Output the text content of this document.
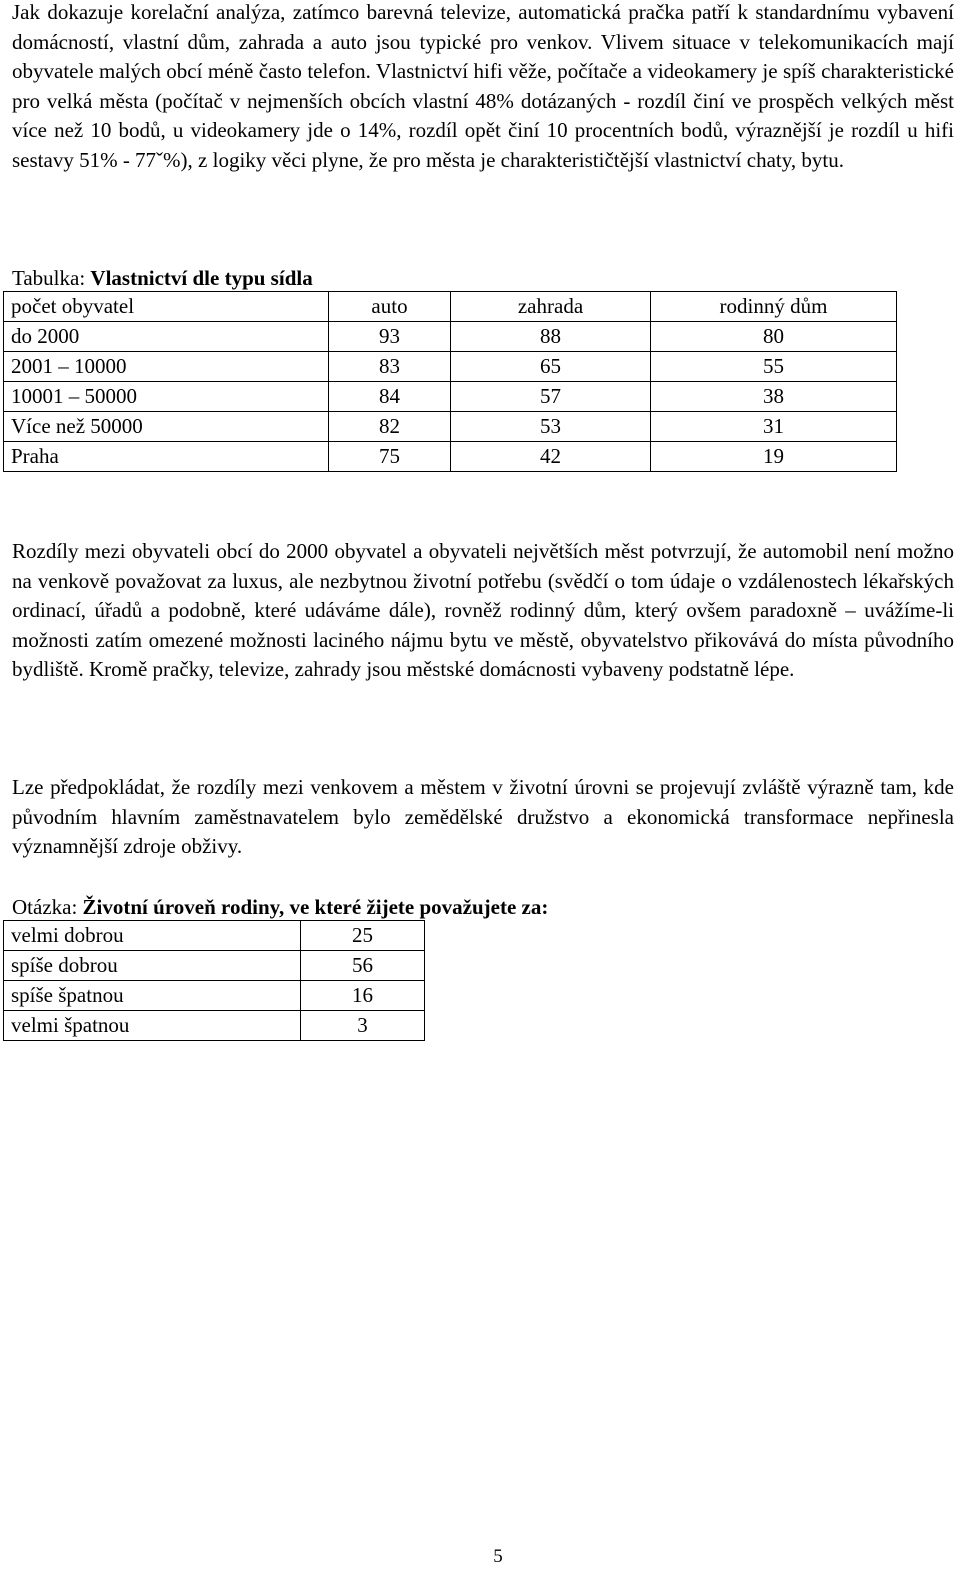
Jak dokazuje korelační analýza, zatímco barevná televize, automatická pračka patří k standardnímu vybavení domácností, vlastní dům, zahrada a auto jsou typické pro venkov. Vlivem situace v telekomunikacích mají obyvatele malých obcí méně často telefon. Vlastnictví hifi věže, počítače a videokamery je spíš charakteristické pro velká města (počítač v nejmenších obcích vlastní 48% dotázaných - rozdíl činí ve prospěch velkých měst více než 10 bodů, u videokamery jde o 14%, rozdíl opět činí 10 procentních bodů, výraznější je rozdíl u hifi sestavy 51% - 77ˇ%), z logiky věci plyne, že pro města je charakterističtější vlastnictví chaty, bytu.

Tabulka: Vlastnictví dle typu sídla
počet obyvatel	auto	zahrada	rodinný dům
do 2000	93	88	80
2001 – 10000	83	65	55
10001 – 50000	84	57	38
Více než 50000	82	53	31
Praha	75	42	19

Rozdíly mezi obyvateli obcí do 2000 obyvatel a obyvateli největších měst potvrzují, že automobil není možno na venkově považovat za luxus, ale nezbytnou životní potřebu (svědčí o tom údaje o vzdálenostech lékařských ordinací, úřadů a podobně, které udáváme dále), rovněž rodinný dům, který ovšem paradoxně – uvážíme-li možnosti zatím omezené možnosti laciného nájmu bytu ve městě, obyvatelstvo přikovává do místa původního bydliště. Kromě pračky, televize, zahrady jsou městské domácnosti vybaveny podstatně lépe.

Lze předpokládat, že rozdíly mezi venkovem a městem v životní úrovni se projevují zvláště výrazně tam, kde původním hlavním zaměstnavatelem bylo zemědělské družstvo a ekonomická transformace nepřinesla významnější zdroje obživy.

Otázka: Životní úroveň rodiny, ve které žijete považujete za:
velmi dobrou	25
spíše dobrou	56
spíše špatnou	16
velmi špatnou	3
5
